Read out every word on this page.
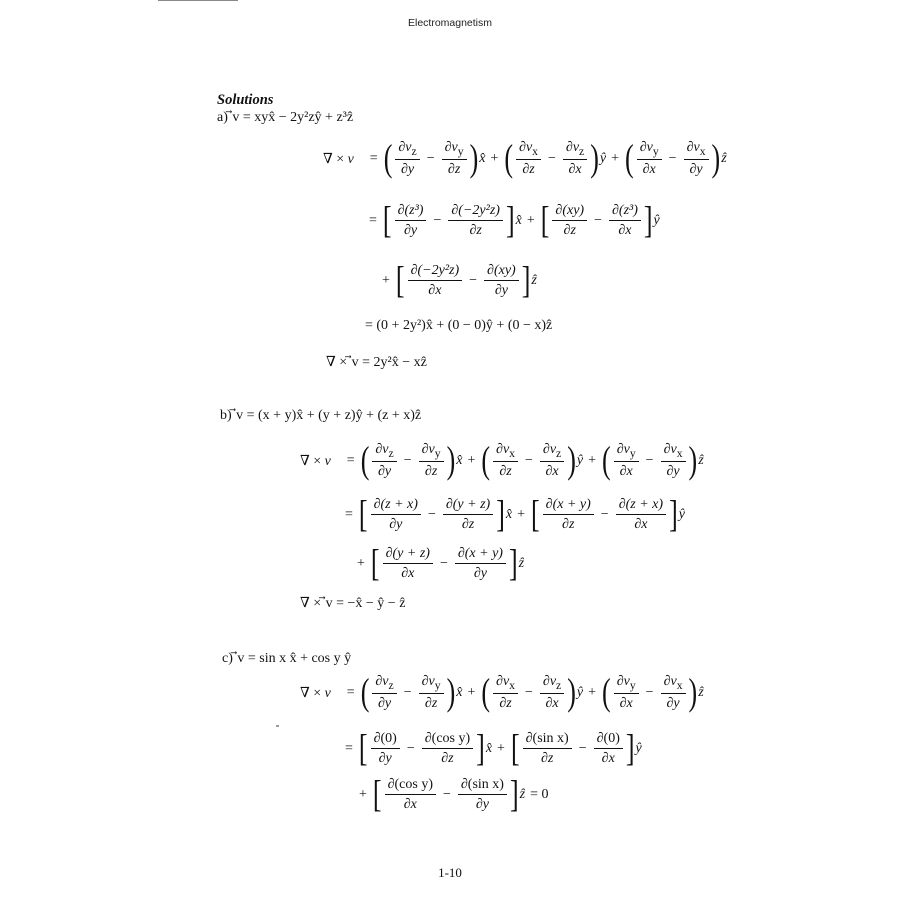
Electromagnetism
Solutions
a) ⃗v = xyx̂ − 2y²zŷ + z³ẑ
∇ × v⃗ = ( $\frac{\partial v_z}{\partial y} - \frac{\partial v_y}{\partial z}$ ) x̂ + ( $\frac{\partial v_x}{\partial z} - \frac{\partial v_z}{\partial x}$ ) ŷ + ( $\frac{\partial v_y}{\partial x} - \frac{\partial v_x}{\partial y}$ ) ẑ
= [ $\frac{\text{∂(z³)}}{\partial y} - \frac{\text{∂(−2y²z)}}{\partial z}$ ] x̂ + [ $\frac{\partial(xy)}{\partial z} - \frac{\text{∂(z³)}}{\partial x}$ ] ŷ
+ [ $\frac{\text{∂(−2y²z)}}{\partial x} - \frac{\partial(xy)}{\partial y}$ ] ẑ
= (0 + 2y²)x̂ + (0 − 0)ŷ + (0 − x)ẑ
∇ × ⃗v = 2y²x̂ − xẑ
b) ⃗v = (x + y)x̂ + (y + z)ŷ + (z + x)ẑ
∇ × v⃗ = ( $\frac{\partial v_z}{\partial y} - \frac{\partial v_y}{\partial z}$ ) x̂ + ( $\frac{\partial v_x}{\partial z} - \frac{\partial v_z}{\partial x}$ ) ŷ + ( $\frac{\partial v_y}{\partial x} - \frac{\partial v_x}{\partial y}$ ) ẑ
= [ $\frac{\partial(z + x)}{\partial y} - \frac{\partial(y + z)}{\partial z}$ ] x̂ + [ $\frac{\partial(x + y)}{\partial z} - \frac{\partial(z + x)}{\partial x}$ ] ŷ
+ [ $\frac{\partial(y + z)}{\partial x} - \frac{\partial(x + y)}{\partial y}$ ] ẑ
∇ × ⃗v = −x̂ − ŷ − ẑ
c) ⃗v = sin x x̂ + cos y ŷ
∇ × v⃗ = ( $\frac{\partial v_z}{\partial y} - \frac{\partial v_y}{\partial z}$ ) x̂ + ( $\frac{\partial v_x}{\partial z} - \frac{\partial v_z}{\partial x}$ ) ŷ + ( $\frac{\partial v_y}{\partial x} - \frac{\partial v_x}{\partial y}$ ) ẑ
= [ $\frac{\partial(0)}{\partial y} - \frac{\text{∂(cos y)}}{\partial z}$ ] x̂ + [ $\frac{\text{∂(sin x)}}{\partial z} - \frac{\partial(0)}{\partial x}$ ] ŷ
+ [ $\frac{\text{∂(cos y)}}{\partial x} - \frac{\text{∂(sin x)}}{\partial y}$ ] ẑ = 0
1-10
